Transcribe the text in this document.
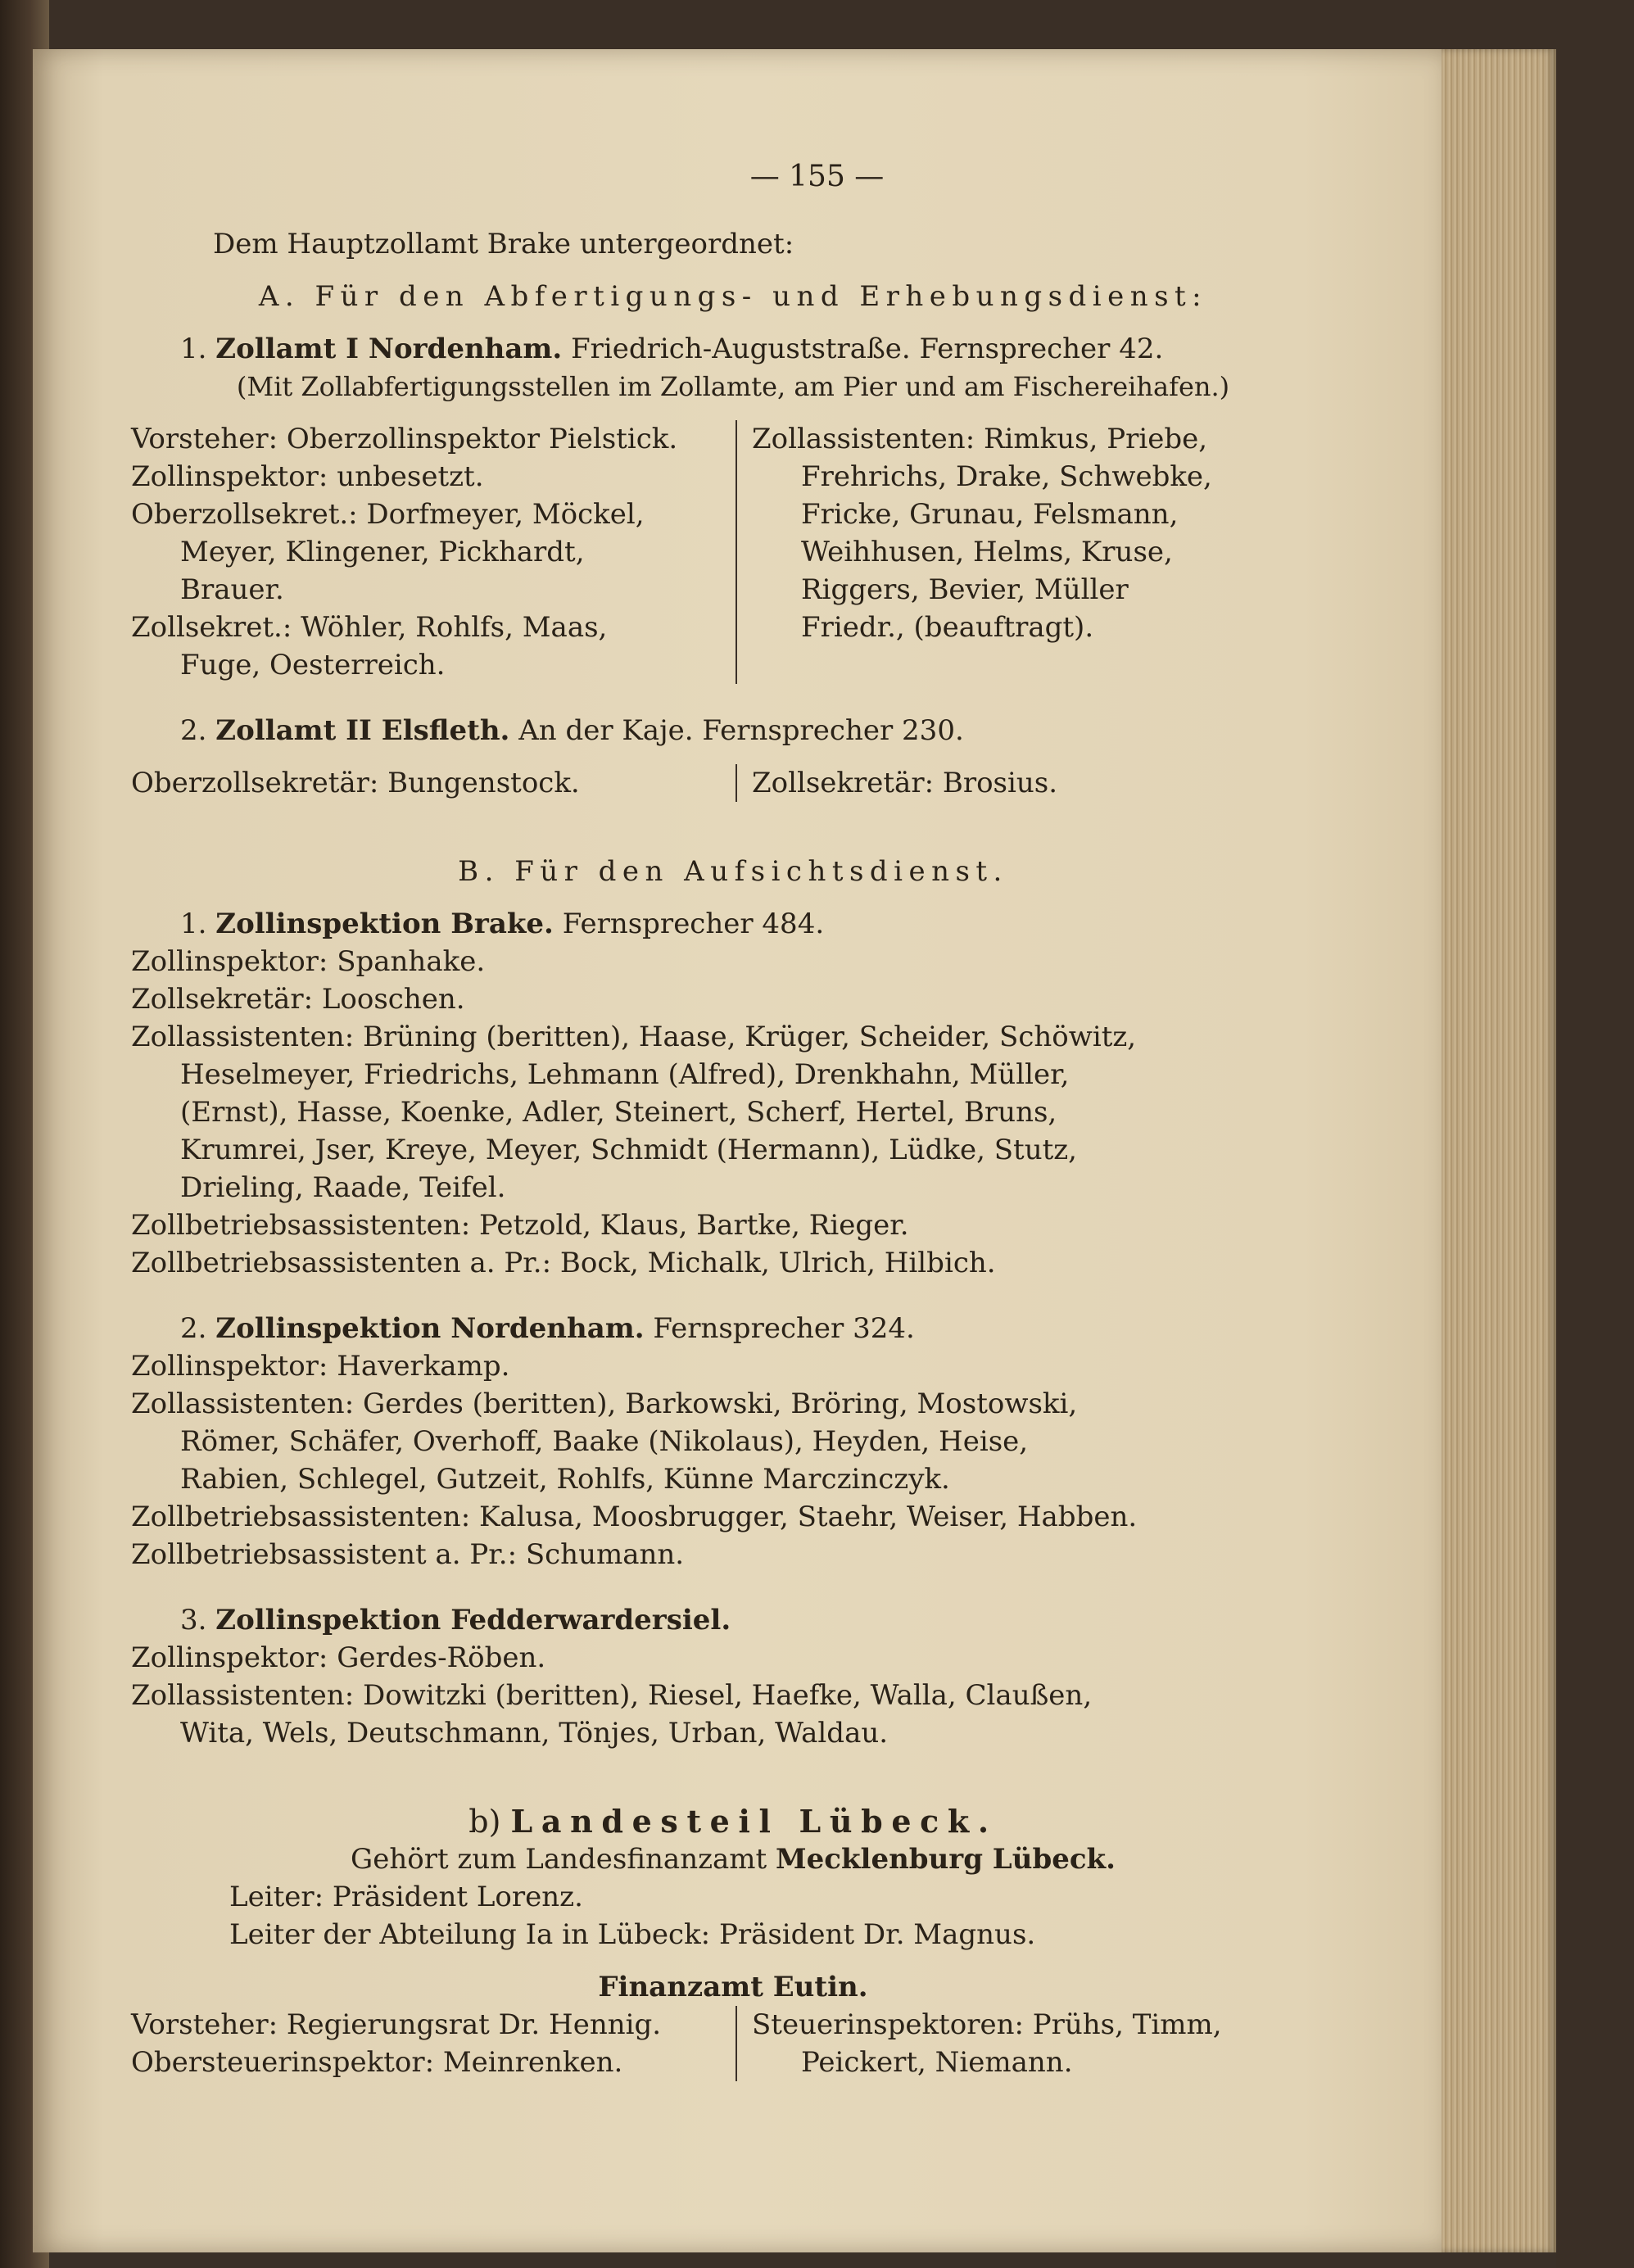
— 155 —
Dem Hauptzollamt Brake untergeordnet:
A. Für den Abfertigungs- und Erhebungsdienst:
1. Zollamt I Nordenham. Friedrich-Auguststraße. Fernsprecher 42.
(Mit Zollabfertigungsstellen im Zollamte, am Pier und am Fischereihafen.)
Vorsteher: Oberzollinspektor Pielstick.
Zollinspektor: unbesetzt.
Oberzollsekret.: Dorfmeyer, Möckel,
Meyer, Klingener, Pickhardt,
Brauer.
Zollsekret.: Wöhler, Rohlfs, Maas,
Fuge, Oesterreich.
Zollassistenten: Rimkus, Priebe,
Frehrichs, Drake, Schwebke,
Fricke, Grunau, Felsmann,
Weihhusen, Helms, Kruse,
Riggers, Bevier, Müller
Friedr., (beauftragt).
2. Zollamt II Elsfleth. An der Kaje. Fernsprecher 230.
Oberzollsekretär: Bungenstock.	Zollsekretär: Brosius.
B. Für den Aufsichtsdienst.
1. Zollinspektion Brake. Fernsprecher 484.
Zollinspektor: Spanhake.
Zollsekretär: Looschen.
Zollassistenten: Brüning (beritten), Haase, Krüger, Scheider, Schöwitz,
Heselmeyer, Friedrichs, Lehmann (Alfred), Drenkhahn, Müller,
(Ernst), Hasse, Koenke, Adler, Steinert, Scherf, Hertel, Bruns,
Krumrei, Jser, Kreye, Meyer, Schmidt (Hermann), Lüdke, Stutz,
Drieling, Raade, Teifel.
Zollbetriebsassistenten: Petzold, Klaus, Bartke, Rieger.
Zollbetriebsassistenten a. Pr.: Bock, Michalk, Ulrich, Hilbich.
2. Zollinspektion Nordenham. Fernsprecher 324.
Zollinspektor: Haverkamp.
Zollassistenten: Gerdes (beritten), Barkowski, Bröring, Mostowski,
Römer, Schäfer, Overhoff, Baake (Nikolaus), Heyden, Heise,
Rabien, Schlegel, Gutzeit, Rohlfs, Künne Marczinczyk.
Zollbetriebsassistenten: Kalusa, Moosbrugger, Staehr, Weiser, Habben.
Zollbetriebsassistent a. Pr.: Schumann.
3. Zollinspektion Fedderwardersiel.
Zollinspektor: Gerdes-Röben.
Zollassistenten: Dowitzki (beritten), Riesel, Haefke, Walla, Claußen,
Wita, Wels, Deutschmann, Tönjes, Urban, Waldau.
b) Landesteil Lübeck.
Gehört zum Landesfinanzamt Mecklenburg Lübeck.
Leiter: Präsident Lorenz.
Leiter der Abteilung Ia in Lübeck: Präsident Dr. Magnus.
Finanzamt Eutin.
Vorsteher: Regierungsrat Dr. Hennig.
Obersteuerinspektor: Meinrenken.
Steuerinspektoren: Prühs, Timm,
Peickert, Niemann.
